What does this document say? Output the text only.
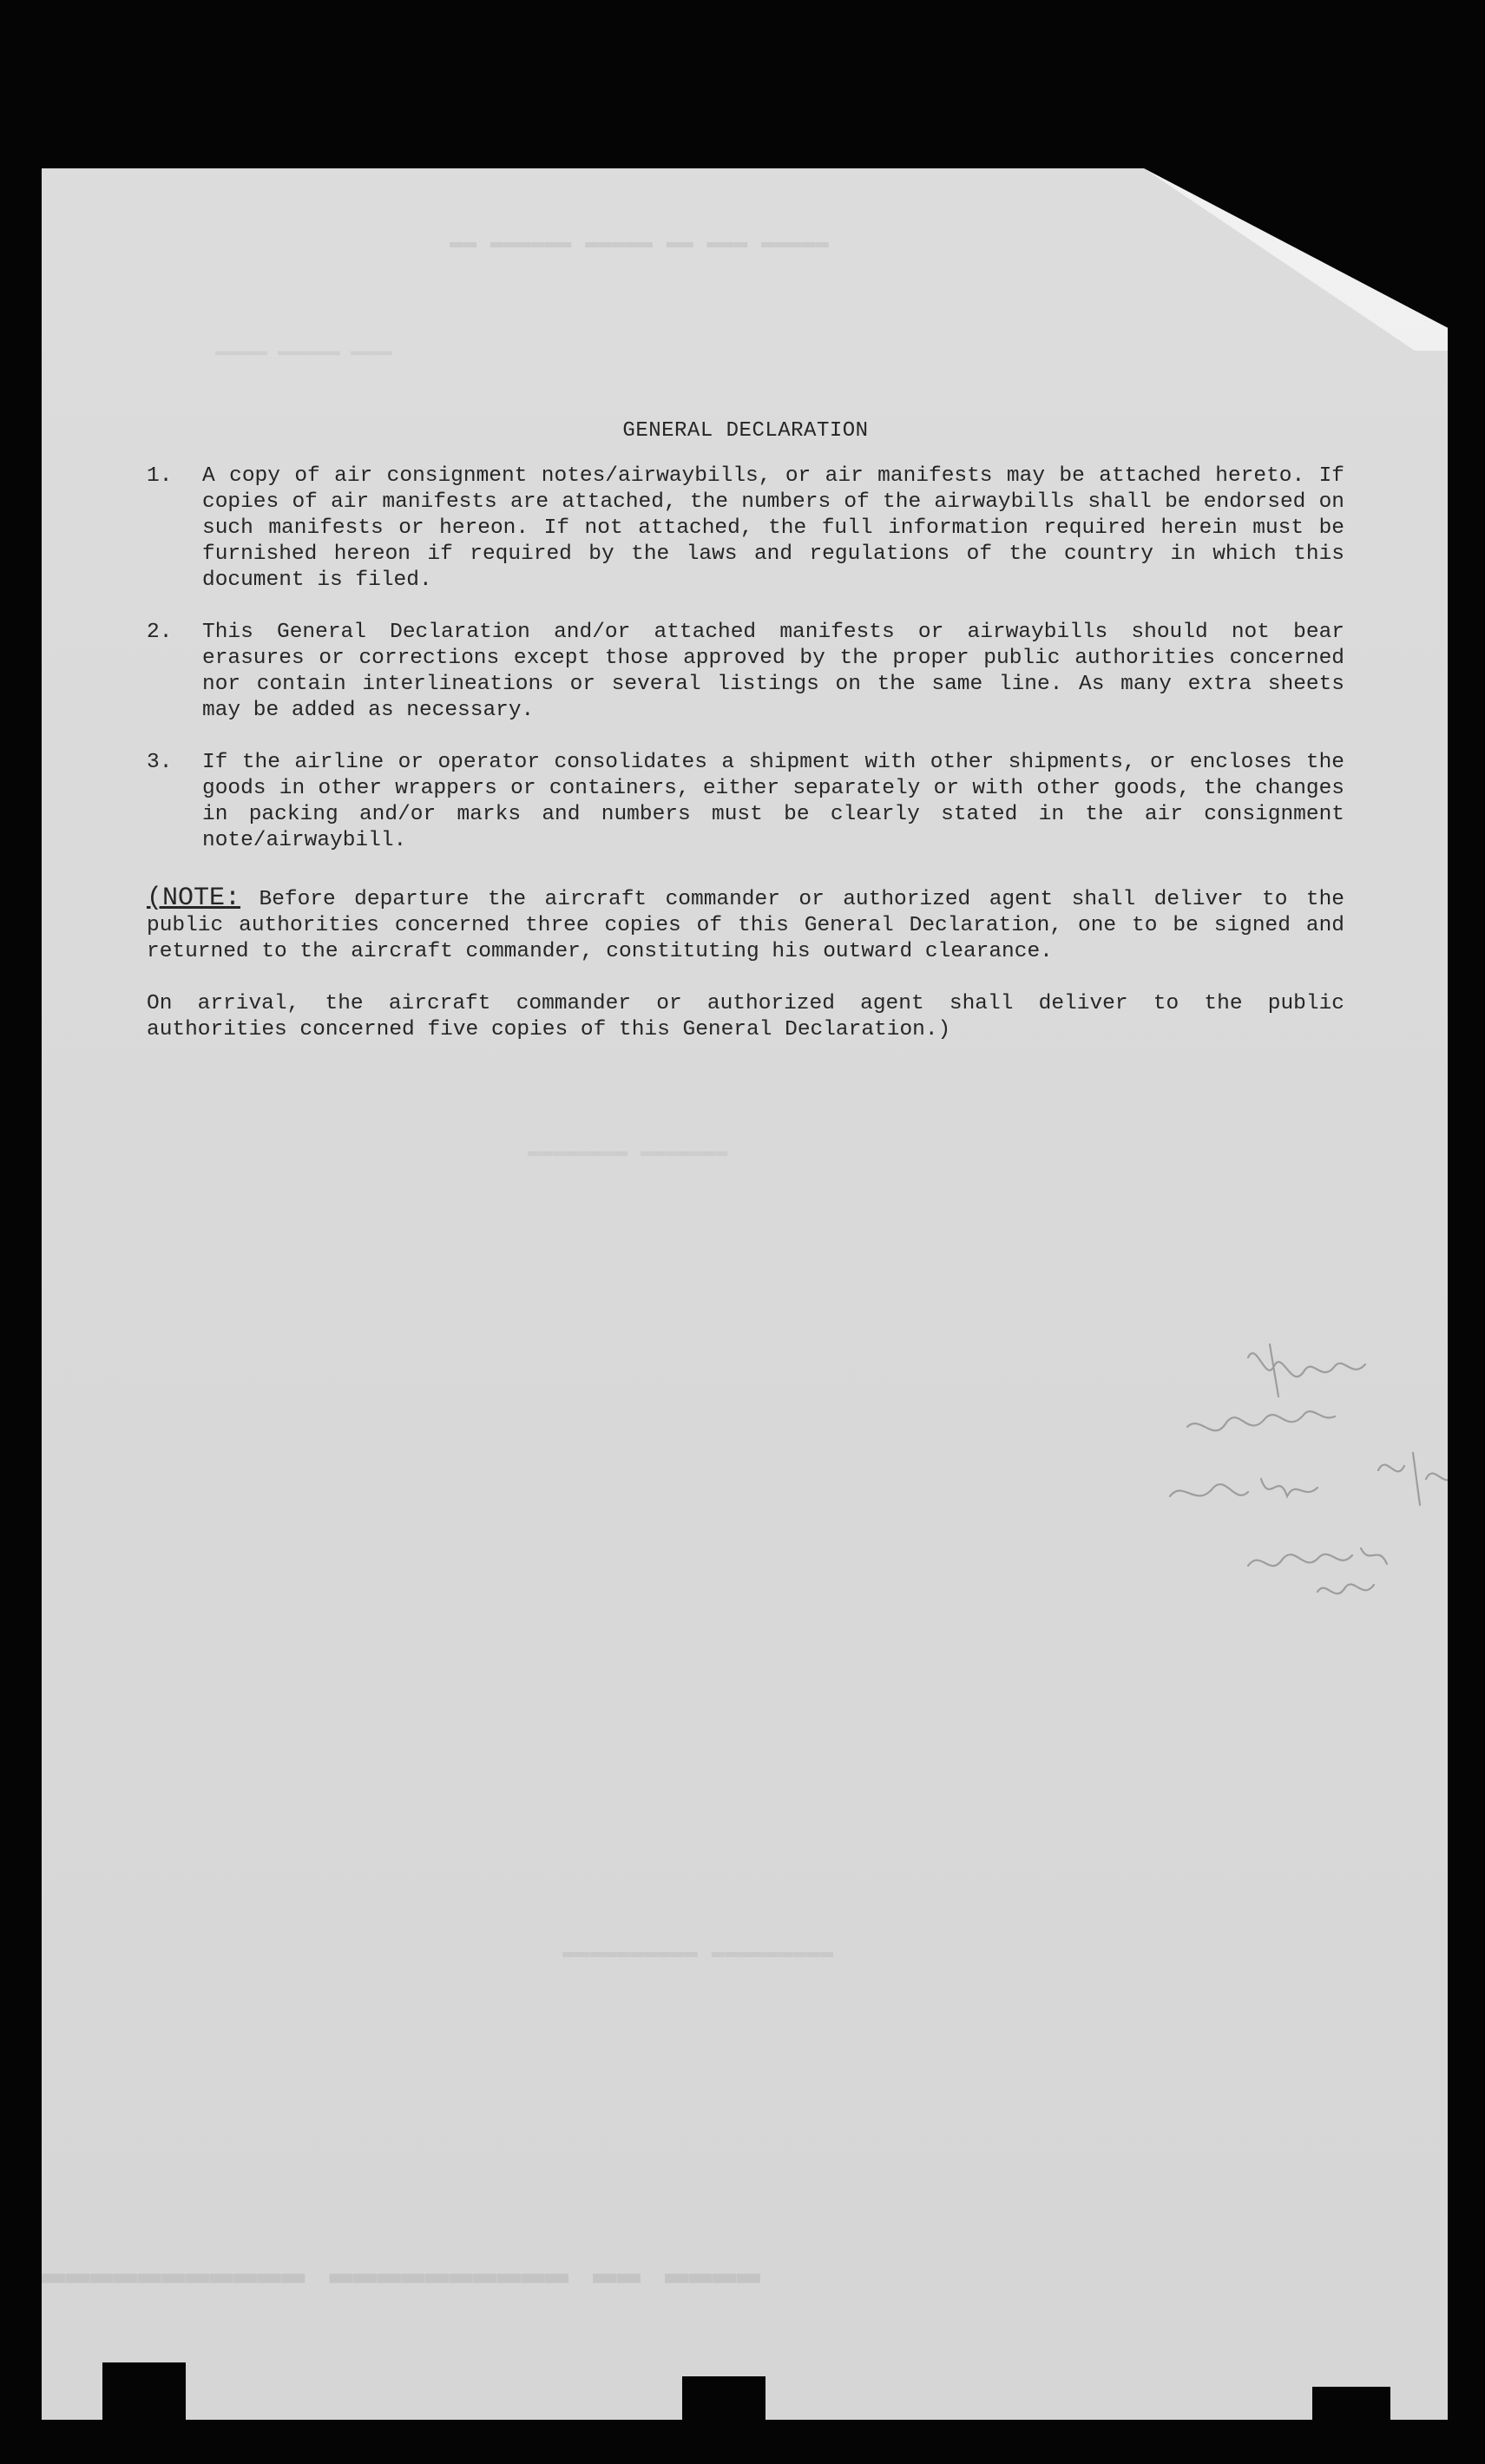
▬▬▬▬▬ ▬▬▬ ▬▬ ▬▬▬▬▬ ▬▬▬▬▬▬ ▬▬
▬▬▬▬ ▬▬▬▬▬▬ ▬▬▬▬▬
▬▬▬▬▬▬▬ ▬▬▬▬▬▬▬▬
▬▬▬▬▬▬▬▬▬ ▬▬▬▬▬▬▬▬▬▬
▬▬▬▬ ▬▬ ▬▬▬▬▬▬▬▬▬▬ ▬▬▬▬▬▬▬▬▬▬▬
GENERAL DECLARATION
1.	A copy of air consignment notes/airwaybills, or air manifests may be attached hereto. If copies of air manifests are attached, the numbers of the airwaybills shall be endorsed on such manifests or hereon. If not attached, the full information required herein must be furnished hereon if required by the laws and regulations of the country in which this document is filed.
2.	This General Declaration and/or attached manifests or airwaybills should not bear erasures or corrections except those approved by the proper public authorities concerned nor contain interlineations or several listings on the same line. As many extra sheets may be added as necessary.
3.	If the airline or operator consolidates a shipment with other shipments, or encloses the goods in other wrappers or containers, either separately or with other goods, the changes in packing and/or marks and numbers must be clearly stated in the air consignment note/airwaybill.
(NOTE: Before departure the aircraft commander or authorized agent shall deliver to the public authorities concerned three copies of this General Declaration, one to be signed and returned to the aircraft commander, constituting his outward clearance.
On arrival, the aircraft commander or authorized agent shall deliver to the public authorities concerned five copies of this General Declaration.)
